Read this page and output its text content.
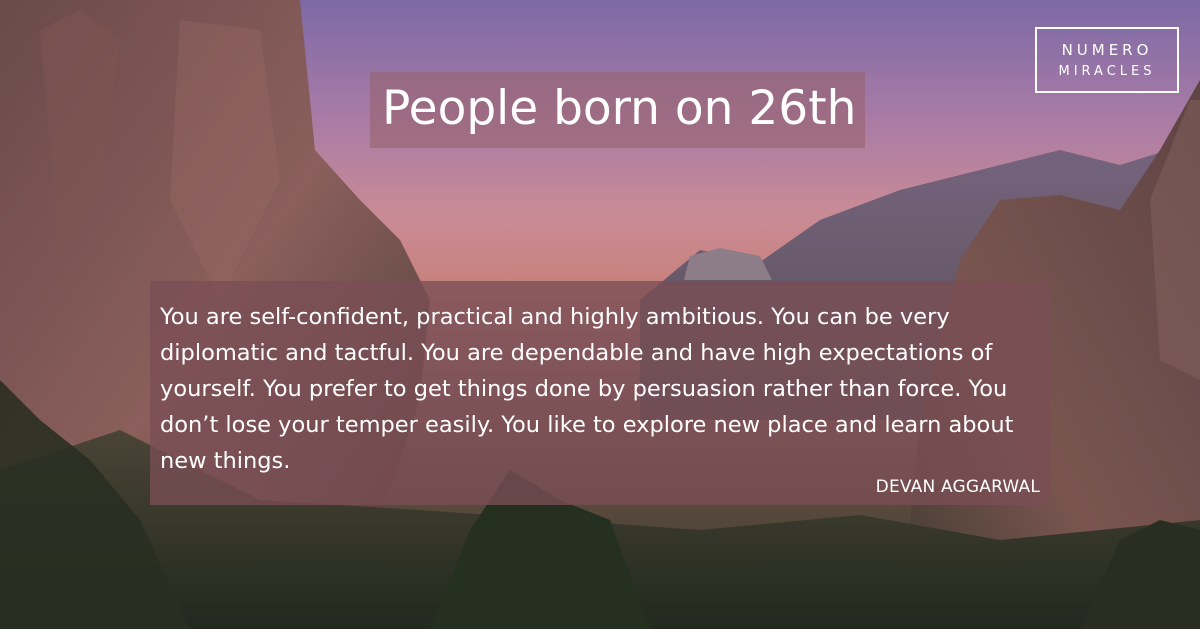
NUMERO
MIRACLES
People born on 26th
You are self-confident, practical and highly ambitious. You can be very diplomatic and tactful. You are dependable and have high expectations of yourself. You prefer to get things done by persuasion rather than force. You don’t lose your temper easily. You like to explore new place and learn about new things.
DEVAN AGGARWAL
